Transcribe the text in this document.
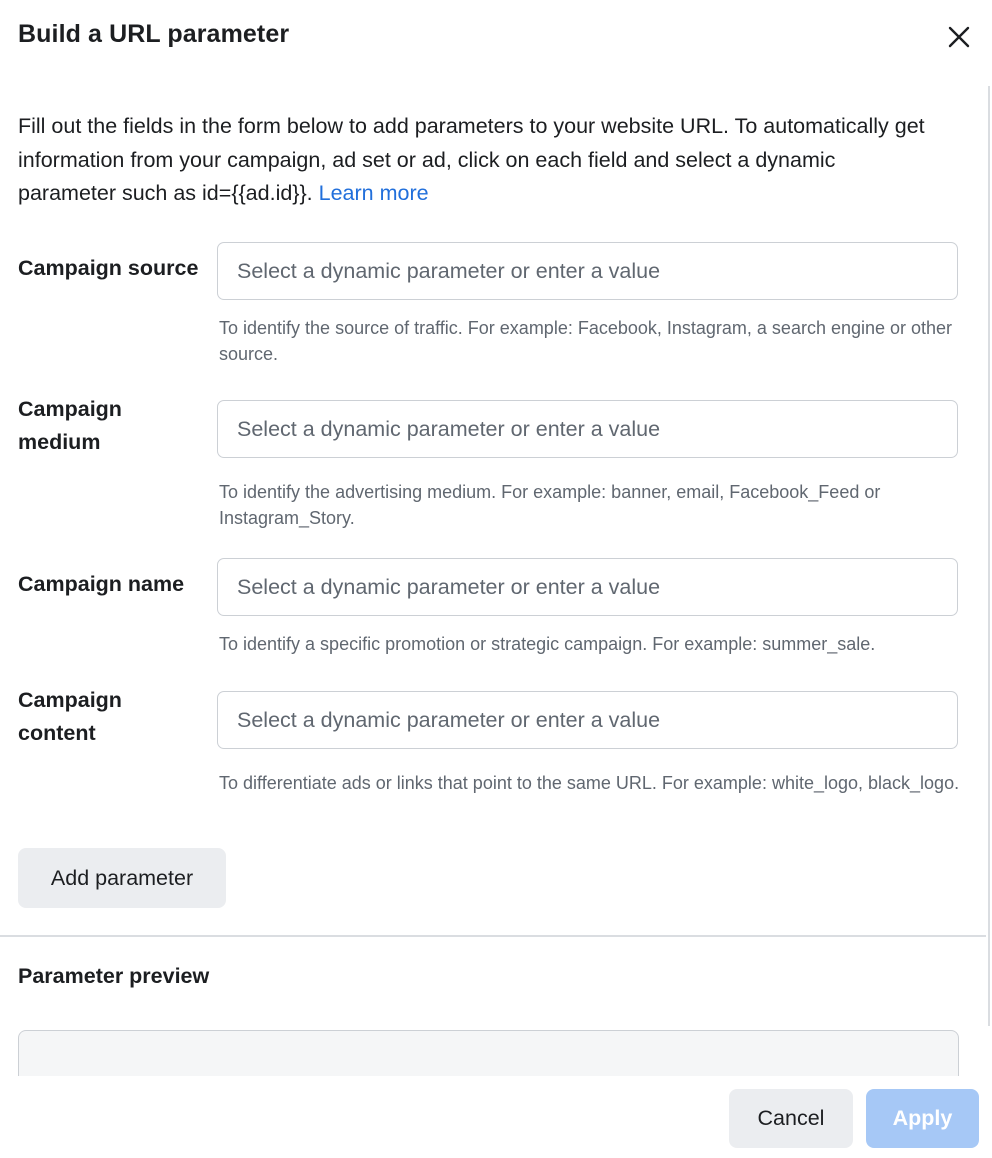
Build a URL parameter
Fill out the fields in the form below to add parameters to your website URL. To automatically get information from your campaign, ad set or ad, click on each field and select a dynamic parameter such as id={{ad.id}}. Learn more
Campaign source
Select a dynamic parameter or enter a value
To identify the source of traffic. For example: Facebook, Instagram, a search engine or other source.
Campaign medium
Select a dynamic parameter or enter a value
To identify the advertising medium. For example: banner, email, Facebook_Feed or Instagram_Story.
Campaign name
Select a dynamic parameter or enter a value
To identify a specific promotion or strategic campaign. For example: summer_sale.
Campaign content
Select a dynamic parameter or enter a value
To differentiate ads or links that point to the same URL. For example: white_logo, black_logo.
Add parameter
Parameter preview
Cancel	Apply
